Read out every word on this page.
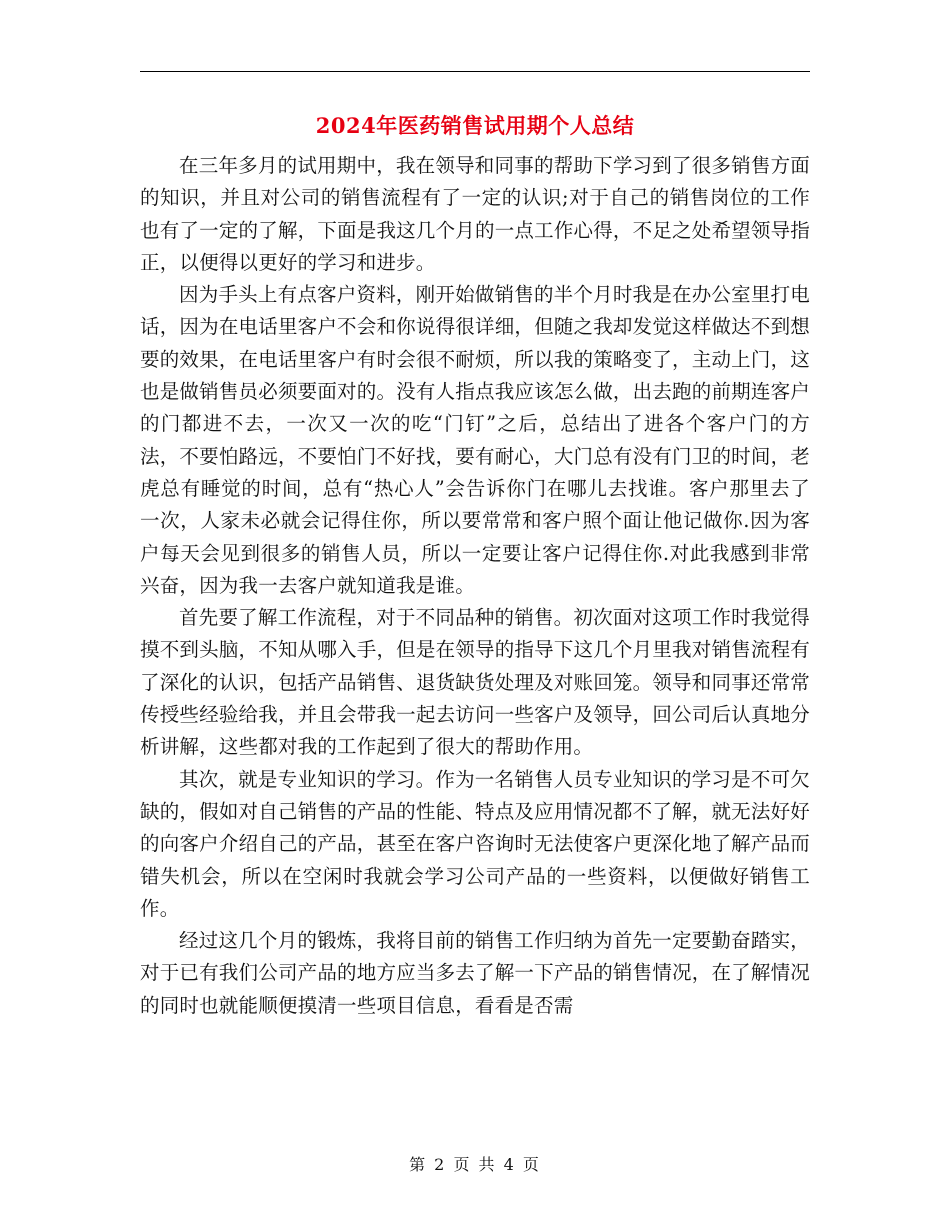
2024年医药销售试用期个人总结

在三年多月的试用期中，我在领导和同事的帮助下学习到了很多销售方面的知识，并且对公司的销售流程有了一定的认识;对于自己的销售岗位的工作也有了一定的了解，下面是我这几个月的一点工作心得，不足之处希望领导指正，以便得以更好的学习和进步。

因为手头上有点客户资料，刚开始做销售的半个月时我是在办公室里打电话，因为在电话里客户不会和你说得很详细，但随之我却发觉这样做达不到想要的效果，在电话里客户有时会很不耐烦，所以我的策略变了，主动上门，这也是做销售员必须要面对的。没有人指点我应该怎么做，出去跑的前期连客户的门都进不去，一次又一次的吃“门钉”之后，总结出了进各个客户门的方法，不要怕路远，不要怕门不好找，要有耐心，大门总有没有门卫的时间，老虎总有睡觉的时间，总有“热心人”会告诉你门在哪儿去找谁。客户那里去了一次，人家未必就会记得住你，所以要常常和客户照个面让他记做你.因为客户每天会见到很多的销售人员，所以一定要让客户记得住你.对此我感到非常兴奋，因为我一去客户就知道我是谁。

首先要了解工作流程，对于不同品种的销售。初次面对这项工作时我觉得摸不到头脑，不知从哪入手，但是在领导的指导下这几个月里我对销售流程有了深化的认识，包括产品销售、退货缺货处理及对账回笼。领导和同事还常常传授些经验给我，并且会带我一起去访问一些客户及领导，回公司后认真地分析讲解，这些都对我的工作起到了很大的帮助作用。

其次，就是专业知识的学习。作为一名销售人员专业知识的学习是不可欠缺的，假如对自己销售的产品的性能、特点及应用情况都不了解，就无法好好的向客户介绍自己的产品，甚至在客户咨询时无法使客户更深化地了解产品而错失机会，所以在空闲时我就会学习公司产品的一些资料，以便做好销售工作。

经过这几个月的锻炼，我将目前的销售工作归纳为首先一定要勤奋踏实，对于已有我们公司产品的地方应当多去了解一下产品的销售情况，在了解情况的同时也就能顺便摸清一些项目信息，看看是否需

第 2 页 共 4 页
